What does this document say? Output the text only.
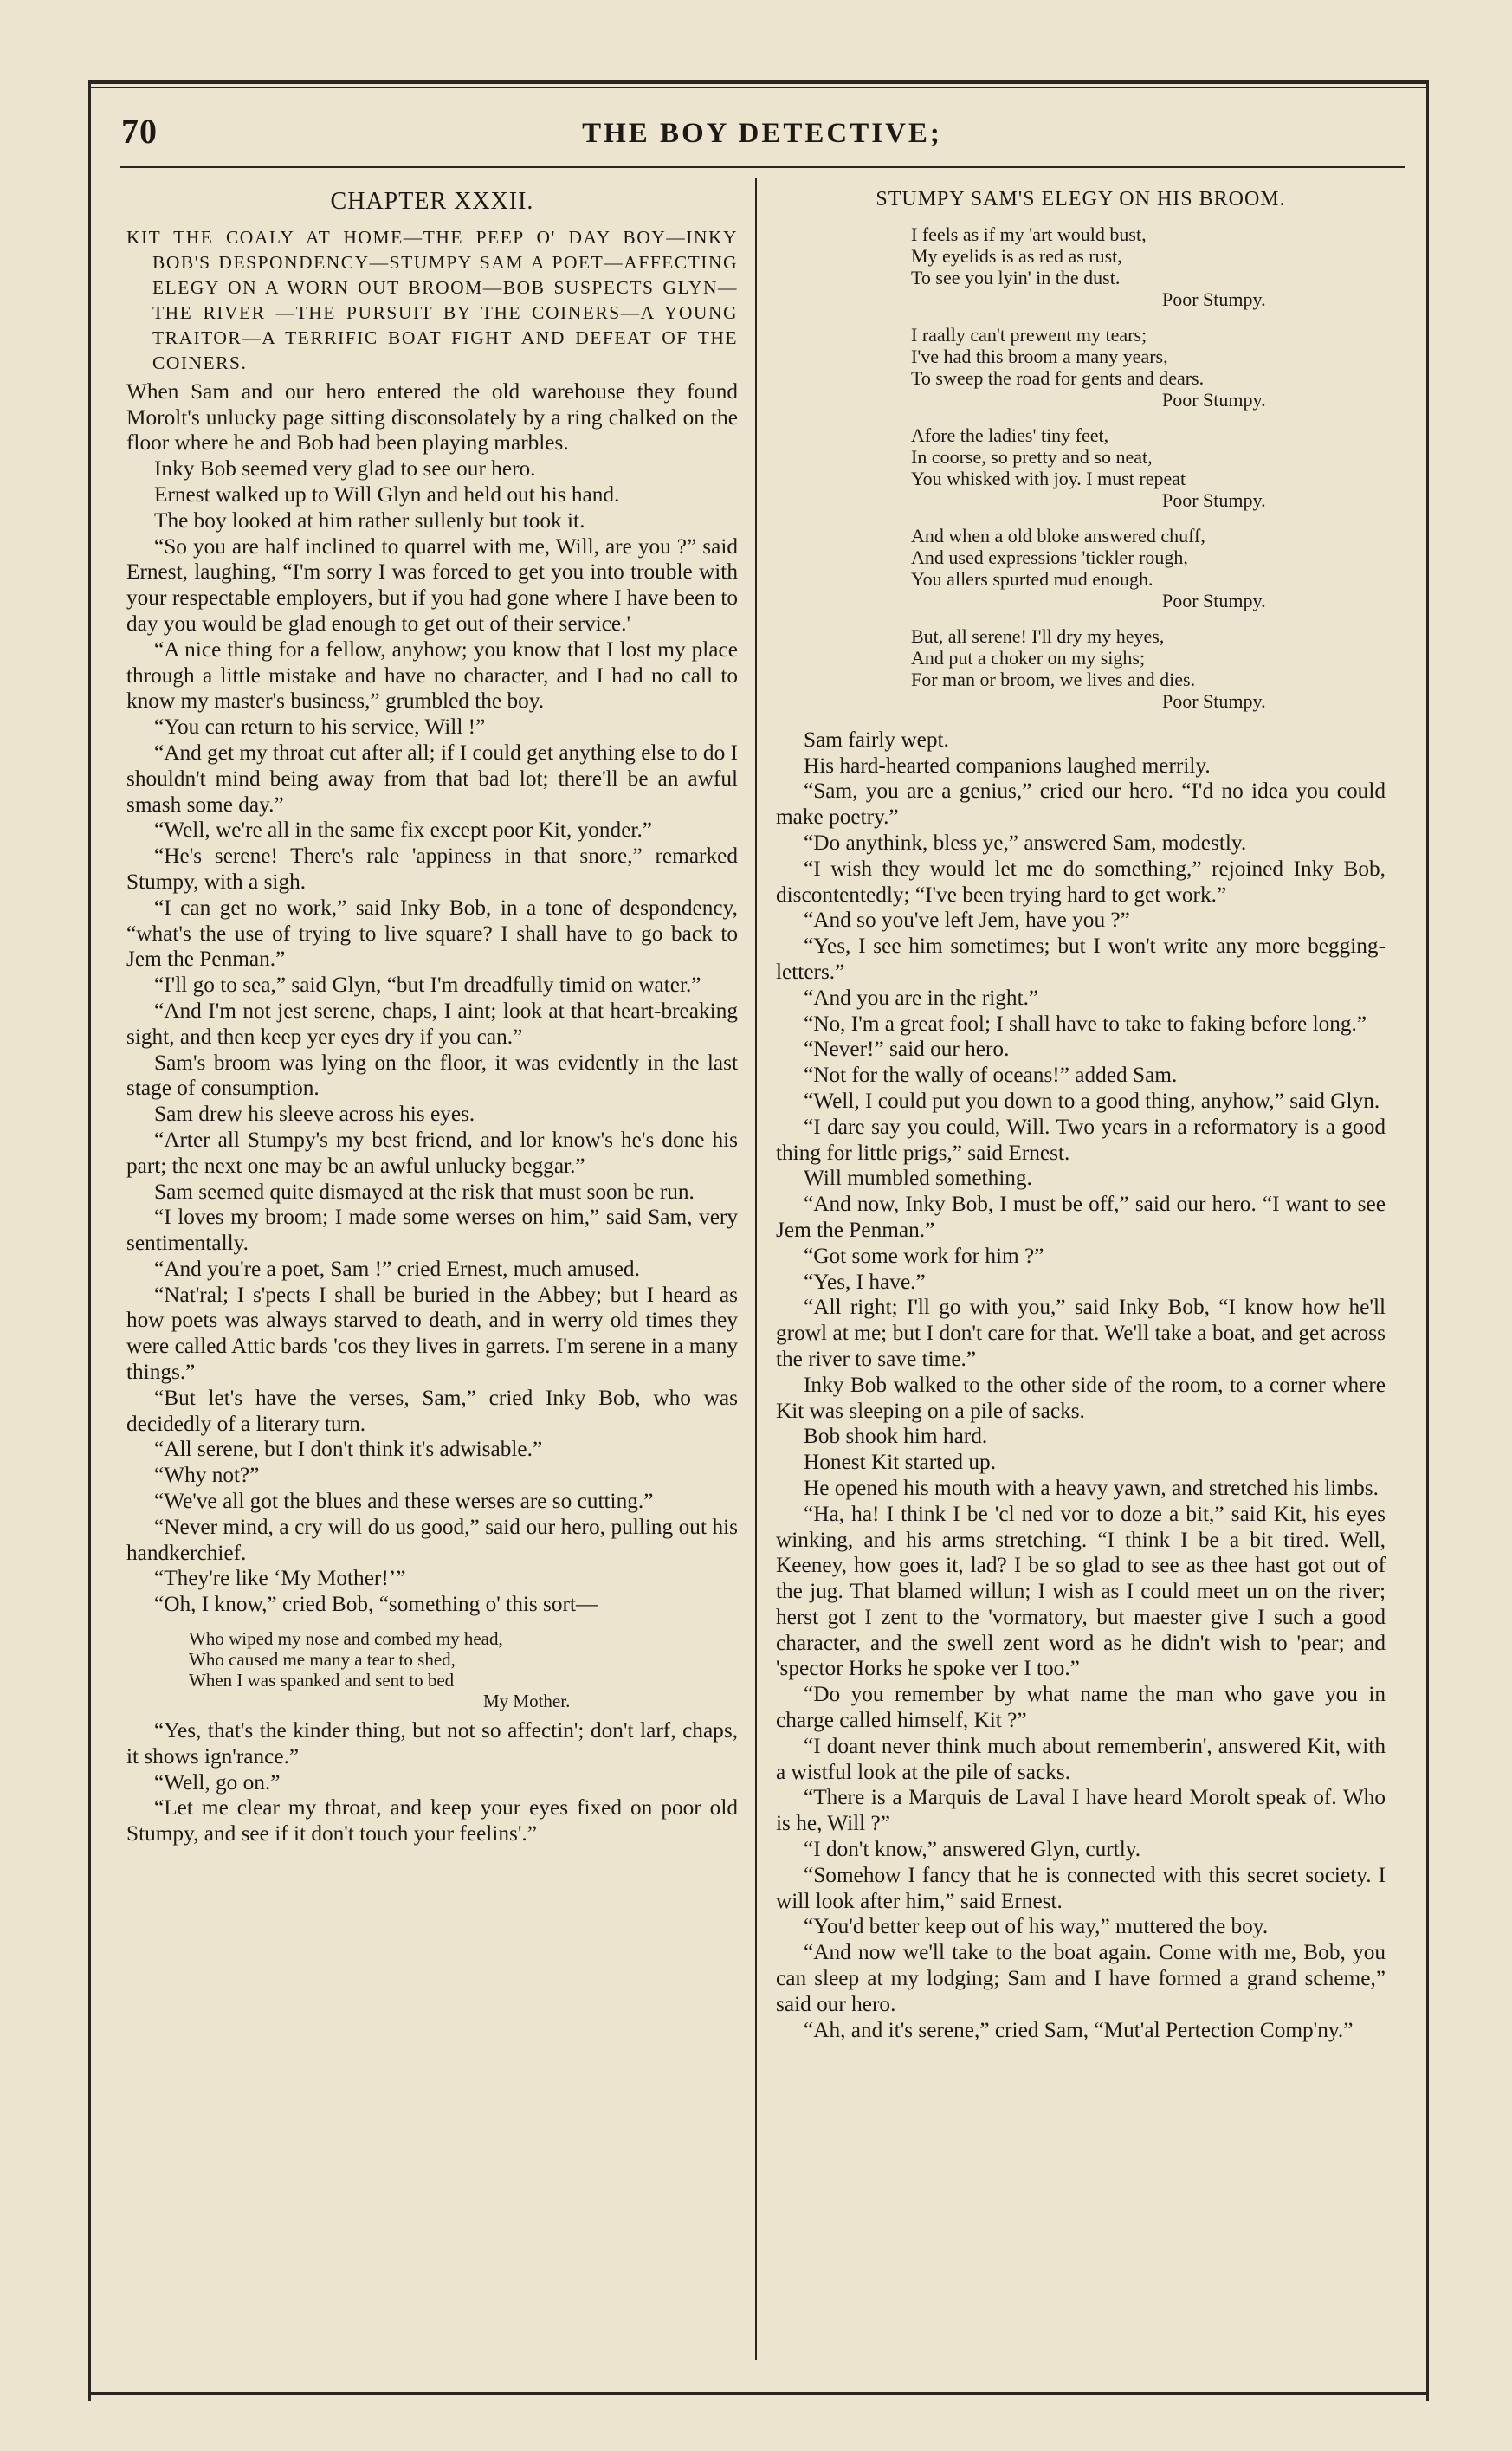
70	THE BOY DETECTIVE;
CHAPTER XXXII.

KIT THE COALY AT HOME—THE PEEP O' DAY BOY—INKY BOB'S DESPONDENCY—STUMPY SAM A POET—AFFECTING ELEGY ON A WORN OUT BROOM—BOB SUSPECTS GLYN—THE RIVER —THE PURSUIT BY THE COINERS—A YOUNG TRAITOR—A TERRIFIC BOAT FIGHT AND DEFEAT OF THE COINERS.

When Sam and our hero entered the old warehouse they found Morolt's unlucky page sitting disconsolately by a ring chalked on the floor where he and Bob had been playing marbles.

Inky Bob seemed very glad to see our hero.

Ernest walked up to Will Glyn and held out his hand.

The boy looked at him rather sullenly but took it.

“So you are half inclined to quarrel with me, Will, are you ?” said Ernest, laughing, “I'm sorry I was forced to get you into trouble with your respectable employers, but if you had gone where I have been to day you would be glad enough to get out of their service.'

“A nice thing for a fellow, anyhow; you know that I lost my place through a little mistake and have no character, and I had no call to know my master's business,” grumbled the boy.

“You can return to his service, Will !”

“And get my throat cut after all; if I could get anything else to do I shouldn't mind being away from that bad lot; there'll be an awful smash some day.”

“Well, we're all in the same fix except poor Kit, yonder.”

“He's serene! There's rale 'appiness in that snore,” remarked Stumpy, with a sigh.

“I can get no work,” said Inky Bob, in a tone of despondency, “what's the use of trying to live square? I shall have to go back to Jem the Penman.”

“I'll go to sea,” said Glyn, “but I'm dreadfully timid on water.”

“And I'm not jest serene, chaps, I aint; look at that heart-breaking sight, and then keep yer eyes dry if you can.”

Sam's broom was lying on the floor, it was evidently in the last stage of consumption.

Sam drew his sleeve across his eyes.

“Arter all Stumpy's my best friend, and lor know's he's done his part; the next one may be an awful unlucky beggar.”

Sam seemed quite dismayed at the risk that must soon be run.

“I loves my broom; I made some werses on him,” said Sam, very sentimentally.

“And you're a poet, Sam !” cried Ernest, much amused.

“Nat'ral; I s'pects I shall be buried in the Abbey; but I heard as how poets was always starved to death, and in werry old times they were called Attic bards 'cos they lives in garrets. I'm serene in a many things.”

“But let's have the verses, Sam,” cried Inky Bob, who was decidedly of a literary turn.

“All serene, but I don't think it's adwisable.”

“Why not?”

“We've all got the blues and these werses are so cutting.”

“Never mind, a cry will do us good,” said our hero, pulling out his handkerchief.

“They're like ‘My Mother!’”

“Oh, I know,” cried Bob, “something o' this sort—

Who wiped my nose and combed my head,
Who caused me many a tear to shed,
When I was spanked and sent to bed
My Mother.

“Yes, that's the kinder thing, but not so affectin'; don't larf, chaps, it shows ign'rance.”

“Well, go on.”

“Let me clear my throat, and keep your eyes fixed on poor old Stumpy, and see if it don't touch your feelins'.”

STUMPY SAM'S ELEGY ON HIS BROOM.
I feels as if my 'art would bust,
My eyelids is as red as rust,
To see you lyin' in the dust.
Poor Stumpy.
I raally can't prewent my tears;
I've had this broom a many years,
To sweep the road for gents and dears.
Poor Stumpy.
Afore the ladies' tiny feet,
In coorse, so pretty and so neat,
You whisked with joy. I must repeat
Poor Stumpy.
And when a old bloke answered chuff,
And used expressions 'tickler rough,
You allers spurted mud enough.
Poor Stumpy.
But, all serene! I'll dry my heyes,
And put a choker on my sighs;
For man or broom, we lives and dies.
Poor Stumpy.

Sam fairly wept.

His hard-hearted companions laughed merrily.

“Sam, you are a genius,” cried our hero. “I'd no idea you could make poetry.”

“Do anythink, bless ye,” answered Sam, modestly.

“I wish they would let me do something,” rejoined Inky Bob, discontentedly; “I've been trying hard to get work.”

“And so you've left Jem, have you ?”

“Yes, I see him sometimes; but I won't write any more begging-letters.”

“And you are in the right.”

“No, I'm a great fool; I shall have to take to faking before long.”

“Never!” said our hero.

“Not for the wally of oceans!” added Sam.

“Well, I could put you down to a good thing, anyhow,” said Glyn.

“I dare say you could, Will. Two years in a reformatory is a good thing for little prigs,” said Ernest.

Will mumbled something.

“And now, Inky Bob, I must be off,” said our hero. “I want to see Jem the Penman.”

“Got some work for him ?”

“Yes, I have.”

“All right; I'll go with you,” said Inky Bob, “I know how he'll growl at me; but I don't care for that. We'll take a boat, and get across the river to save time.”

Inky Bob walked to the other side of the room, to a corner where Kit was sleeping on a pile of sacks.

Bob shook him hard.

Honest Kit started up.

He opened his mouth with a heavy yawn, and stretched his limbs.

“Ha, ha! I think I be 'cl ned vor to doze a bit,” said Kit, his eyes winking, and his arms stretching. “I think I be a bit tired. Well, Keeney, how goes it, lad? I be so glad to see as thee hast got out of the jug. That blamed willun; I wish as I could meet un on the river; herst got I zent to the 'vormatory, but maester give I such a good character, and the swell zent word as he didn't wish to 'pear; and 'spector Horks he spoke ver I too.”

“Do you remember by what name the man who gave you in charge called himself, Kit ?”

“I doant never think much about rememberin', answered Kit, with a wistful look at the pile of sacks.

“There is a Marquis de Laval I have heard Morolt speak of. Who is he, Will ?”

“I don't know,” answered Glyn, curtly.

“Somehow I fancy that he is connected with this secret society. I will look after him,” said Ernest.

“You'd better keep out of his way,” muttered the boy.

“And now we'll take to the boat again. Come with me, Bob, you can sleep at my lodging; Sam and I have formed a grand scheme,” said our hero.

“Ah, and it's serene,” cried Sam, “Mut'al Pertection Comp'ny.”
